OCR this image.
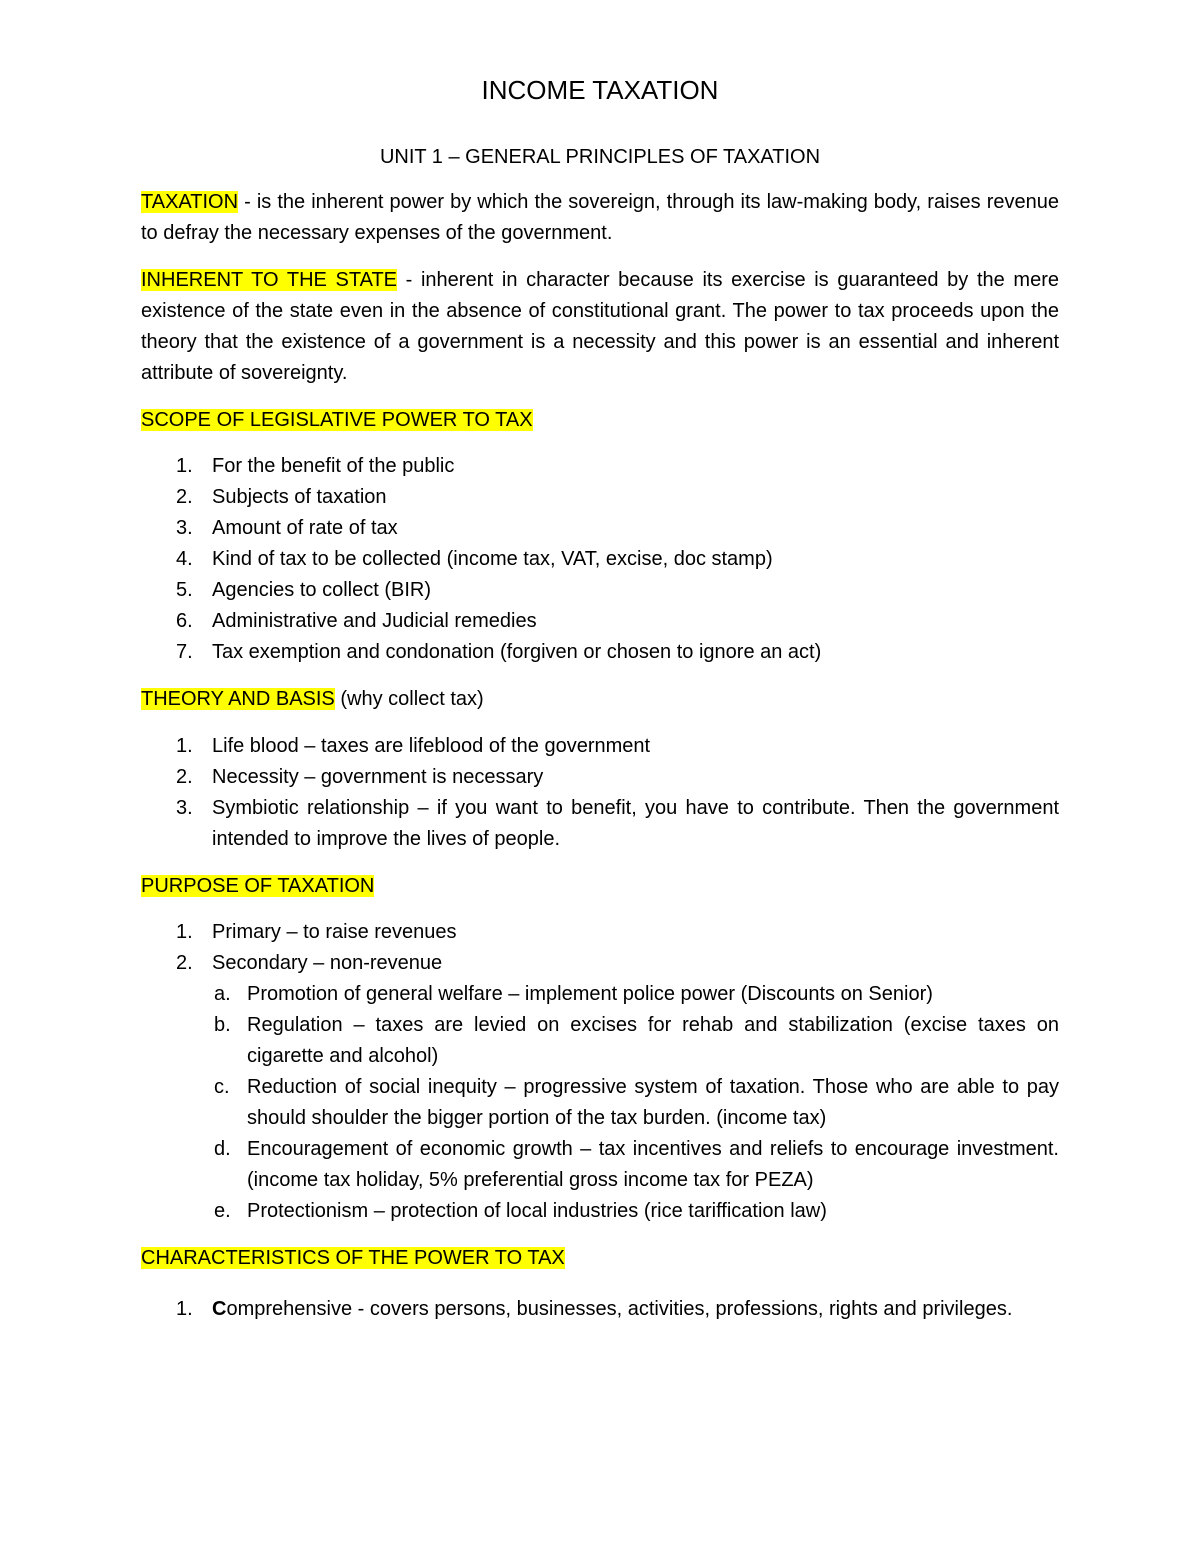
INCOME TAXATION
UNIT 1 – GENERAL PRINCIPLES OF TAXATION
TAXATION - is the inherent power by which the sovereign, through its law-making body, raises revenue to defray the necessary expenses of the government.
INHERENT TO THE STATE - inherent in character because its exercise is guaranteed by the mere existence of the state even in the absence of constitutional grant. The power to tax proceeds upon the theory that the existence of a government is a necessity and this power is an essential and inherent attribute of sovereignty.
SCOPE OF LEGISLATIVE POWER TO TAX
1. For the benefit of the public
2. Subjects of taxation
3. Amount of rate of tax
4. Kind of tax to be collected (income tax, VAT, excise, doc stamp)
5. Agencies to collect (BIR)
6. Administrative and Judicial remedies
7. Tax exemption and condonation (forgiven or chosen to ignore an act)
THEORY AND BASIS (why collect tax)
1. Life blood – taxes are lifeblood of the government
2. Necessity – government is necessary
3. Symbiotic relationship – if you want to benefit, you have to contribute. Then the government intended to improve the lives of people.
PURPOSE OF TAXATION
1. Primary – to raise revenues
2. Secondary – non-revenue
a. Promotion of general welfare – implement police power (Discounts on Senior)
b. Regulation – taxes are levied on excises for rehab and stabilization (excise taxes on cigarette and alcohol)
c. Reduction of social inequity – progressive system of taxation. Those who are able to pay should shoulder the bigger portion of the tax burden. (income tax)
d. Encouragement of economic growth – tax incentives and reliefs to encourage investment. (income tax holiday, 5% preferential gross income tax for PEZA)
e. Protectionism – protection of local industries (rice tariffication law)
CHARACTERISTICS OF THE POWER TO TAX
1. Comprehensive - covers persons, businesses, activities, professions, rights and privileges.
